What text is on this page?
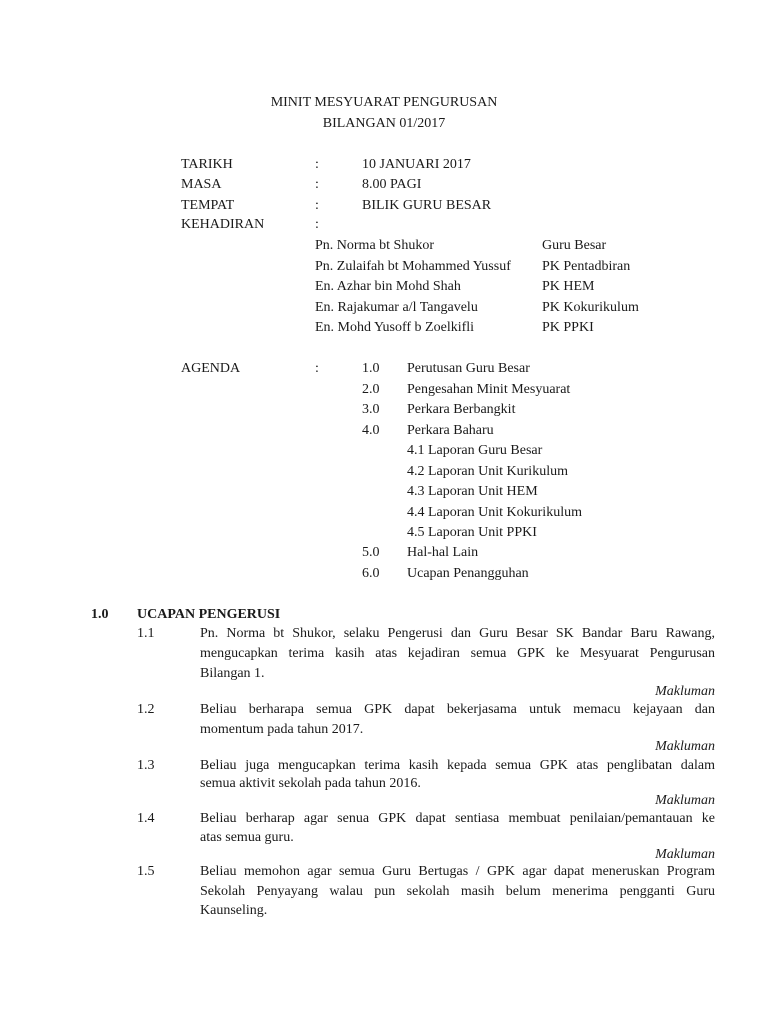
MINIT MESYUARAT PENGURUSAN
BILANGAN 01/2017
TARIKH	:	10 JANUARI 2017
MASA	:	8.00 PAGI
TEMPAT	:	BILIK GURU BESAR
KEHADIRAN	:
Pn. Norma bt Shukor	Guru Besar
Pn. Zulaifah bt Mohammed Yussuf PK Pentadbiran
En. Azhar bin Mohd Shah	PK HEM
En. Rajakumar a/l Tangavelu	PK Kokurikulum
En. Mohd Yusoff b Zoelkifli	PK PPKI
AGENDA	:	1.0 Perutusan Guru Besar
2.0 Pengesahan Minit Mesyuarat
3.0 Perkara Berbangkit
4.0 Perkara Baharu
4.1 Laporan Guru Besar
4.2 Laporan Unit Kurikulum
4.3 Laporan Unit HEM
4.4 Laporan Unit Kokurikulum
4.5 Laporan Unit PPKI
5.0 Hal-hal Lain
6.0 Ucapan Penangguhan
1.0 UCAPAN PENGERUSI
1.1	Pn. Norma bt Shukor, selaku Pengerusi dan Guru Besar SK Bandar Baru Rawang,
mengucapkan terima kasih atas kejadiran semua GPK ke Mesyuarat Pengurusan
Bilangan 1.
Makluman
1.2	Beliau berharapa semua GPK dapat bekerjasama untuk memacu kejayaan dan
momentum pada tahun 2017.
Makluman
1.3	Beliau juga mengucapkan terima kasih kepada semua GPK atas penglibatan dalam
semua aktivit sekolah pada tahun 2016.
Makluman
1.4	Beliau berharap agar senua GPK dapat sentiasa membuat penilaian/pemantauan ke
atas semua guru.
Makluman
1.5	Beliau memohon agar semua Guru Bertugas / GPK agar dapat meneruskan Program
Sekolah Penyayang walau pun sekolah masih belum menerima pengganti Guru
Kaunseling.
